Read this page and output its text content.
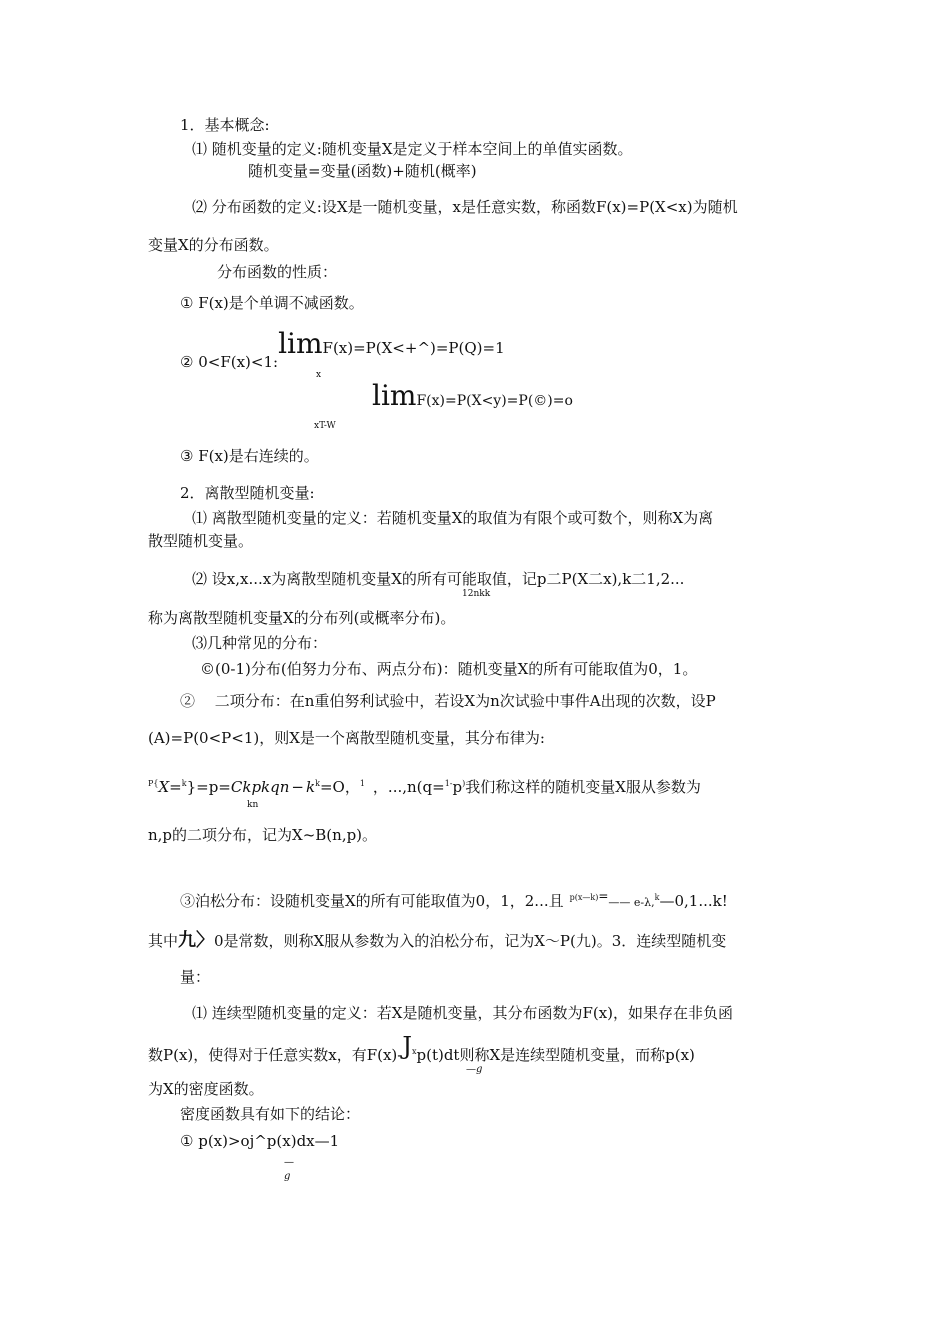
1．基本概念:
⑴ 随机变量的定义:随机变量X是定义于样本空间上的单值实函数。
随机变量=变量(函数)+随机(概率)
⑵ 分布函数的定义:设X是一随机变量，x是任意实数，称函数F(x)=P(X<x)为随机
变量X的分布函数。
分布函数的性质：
① F(x)是个单调不减函数。
② 0<F(x)<1:limF(x)=P(X<+^)=P(Q)=1
x
limF(x)=P(X<y)=P(©)=o
xT-W
③ F(x)是右连续的。
2．离散型随机变量:
⑴ 离散型随机变量的定义：若随机变量X的取值为有限个或可数个，则称X为离
散型随机变量。
⑵ 设x,x...x为离散型随机变量X的所有可能取值，记p二P(X二x),k二1,2...
12nkk
称为离散型随机变量X的分布列(或概率分布)。
⑶几种常见的分布：
©(0-1)分布(伯努力分布、两点分布)：随机变量X的所有可能取值为0，1。
②　 二项分布：在n重伯努利试验中，若设X为n次试验中事件A出现的次数，设P
(A)=P(0<P<1)，则X是一个离散型随机变量，其分布律为:
$^{P\{}$X=$^k$}=p=Ckpkqn − $k^k=O$，$^1$ ，...,n(q=$^{1-}$p)我们称这样的随机变量X服从参数为
kn
n,p的二项分布，记为X~B(n,p)。
③泊松分布：设随机变量X的所有可能取值为0，1，2...且 $^{p(x—k)=}$—— e-λ,$^k$—0,1...k!
其中九〉0是常数，则称X服从参数为入的泊松分布，记为X〜P(九)。3．连续型随机变
量：
⑴ 连续型随机变量的定义：若X是随机变量，其分布函数为F(x)，如果存在非负函
数P(x)，使得对于任意实数x，有$F(x)-J^xp(t)dt$则称X是连续型随机变量，而称p(x)
—g
为X的密度函数。
密度函数具有如下的结论：
① p(x)>oj^p(x)dx—1
—
g
